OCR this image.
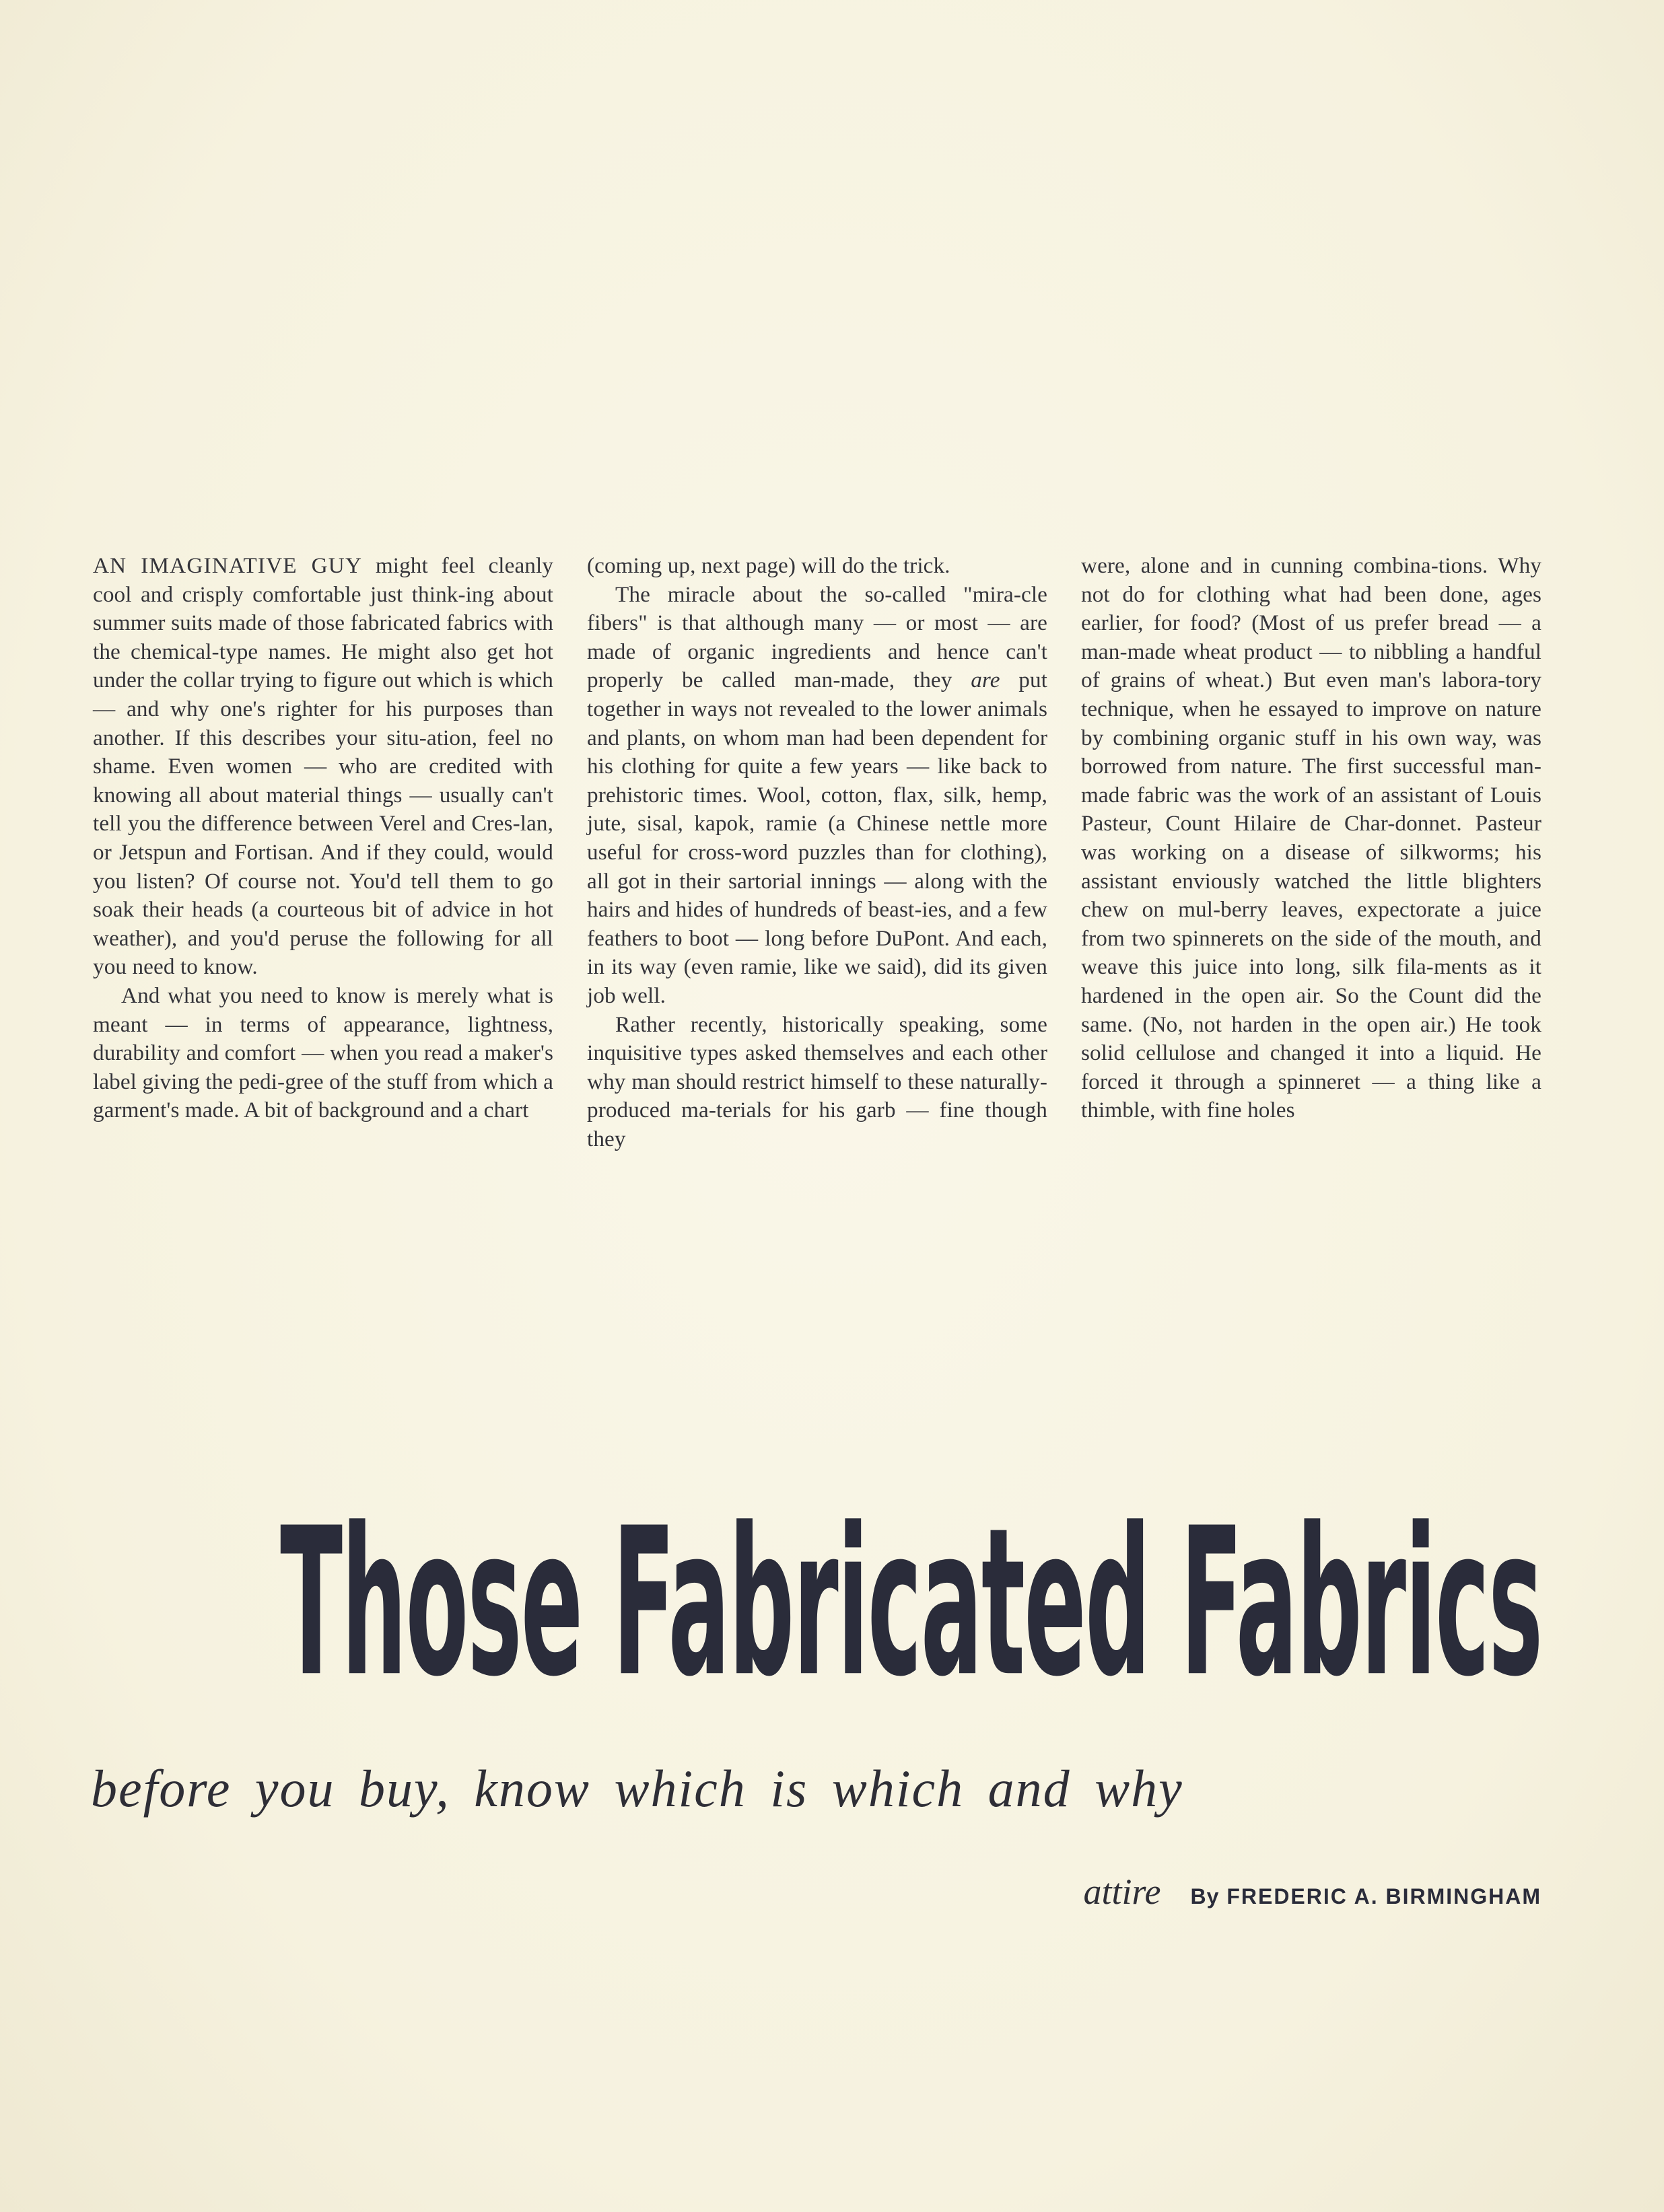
AN IMAGINATIVE GUY might feel cleanly cool and crisply comfortable just think-ing about summer suits made of those fabricated fabrics with the chemical-type names. He might also get hot under the collar trying to figure out which is which — and why one's righter for his purposes than another. If this describes your situ-ation, feel no shame. Even women — who are credited with knowing all about material things — usually can't tell you the difference between Verel and Cres-lan, or Jetspun and Fortisan. And if they could, would you listen? Of course not. You'd tell them to go soak their heads (a courteous bit of advice in hot weather), and you'd peruse the following for all you need to know.

And what you need to know is merely what is meant — in terms of appearance, lightness, durability and comfort — when you read a maker's label giving the pedi-gree of the stuff from which a garment's made. A bit of background and a chart

(coming up, next page) will do the trick.

The miracle about the so-called "mira-cle fibers" is that although many — or most — are made of organic ingredients and hence can't properly be called man-made, they are put together in ways not revealed to the lower animals and plants, on whom man had been dependent for his clothing for quite a few years — like back to prehistoric times. Wool, cotton, flax, silk, hemp, jute, sisal, kapok, ramie (a Chinese nettle more useful for cross-word puzzles than for clothing), all got in their sartorial innings — along with the hairs and hides of hundreds of beast-ies, and a few feathers to boot — long before DuPont. And each, in its way (even ramie, like we said), did its given job well.

Rather recently, historically speaking, some inquisitive types asked themselves and each other why man should restrict himself to these naturally-produced ma-terials for his garb — fine though they

were, alone and in cunning combina-tions. Why not do for clothing what had been done, ages earlier, for food? (Most of us prefer bread — a man-made wheat product — to nibbling a handful of grains of wheat.) But even man's labora-tory technique, when he essayed to improve on nature by combining organic stuff in his own way, was borrowed from nature. The first successful man-made fabric was the work of an assistant of Louis Pasteur, Count Hilaire de Char-donnet. Pasteur was working on a disease of silkworms; his assistant enviously watched the little blighters chew on mul-berry leaves, expectorate a juice from two spinnerets on the side of the mouth, and weave this juice into long, silk fila-ments as it hardened in the open air. So the Count did the same. (No, not harden in the open air.) He took solid cellulose and changed it into a liquid. He forced it through a spinneret — a thing like a thimble, with fine holes

Those Fabricated Fabrics

before you buy, know which is which and why

attire By FREDERIC A. BIRMINGHAM
